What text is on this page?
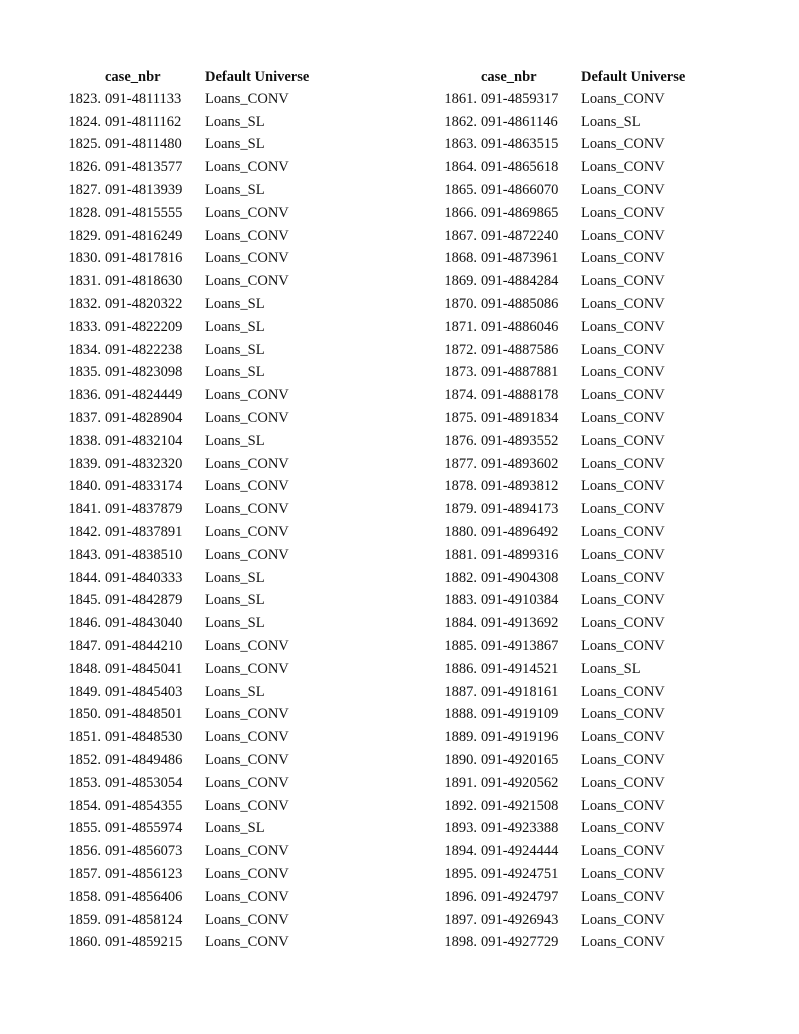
	case_nbr	Default Universe
1823.	091-4811133	Loans_CONV
1824.	091-4811162	Loans_SL
1825.	091-4811480	Loans_SL
1826.	091-4813577	Loans_CONV
1827.	091-4813939	Loans_SL
1828.	091-4815555	Loans_CONV
1829.	091-4816249	Loans_CONV
1830.	091-4817816	Loans_CONV
1831.	091-4818630	Loans_CONV
1832.	091-4820322	Loans_SL
1833.	091-4822209	Loans_SL
1834.	091-4822238	Loans_SL
1835.	091-4823098	Loans_SL
1836.	091-4824449	Loans_CONV
1837.	091-4828904	Loans_CONV
1838.	091-4832104	Loans_SL
1839.	091-4832320	Loans_CONV
1840.	091-4833174	Loans_CONV
1841.	091-4837879	Loans_CONV
1842.	091-4837891	Loans_CONV
1843.	091-4838510	Loans_CONV
1844.	091-4840333	Loans_SL
1845.	091-4842879	Loans_SL
1846.	091-4843040	Loans_SL
1847.	091-4844210	Loans_CONV
1848.	091-4845041	Loans_CONV
1849.	091-4845403	Loans_SL
1850.	091-4848501	Loans_CONV
1851.	091-4848530	Loans_CONV
1852.	091-4849486	Loans_CONV
1853.	091-4853054	Loans_CONV
1854.	091-4854355	Loans_CONV
1855.	091-4855974	Loans_SL
1856.	091-4856073	Loans_CONV
1857.	091-4856123	Loans_CONV
1858.	091-4856406	Loans_CONV
1859.	091-4858124	Loans_CONV
1860.	091-4859215	Loans_CONV
	case_nbr	Default Universe
1861.	091-4859317	Loans_CONV
1862.	091-4861146	Loans_SL
1863.	091-4863515	Loans_CONV
1864.	091-4865618	Loans_CONV
1865.	091-4866070	Loans_CONV
1866.	091-4869865	Loans_CONV
1867.	091-4872240	Loans_CONV
1868.	091-4873961	Loans_CONV
1869.	091-4884284	Loans_CONV
1870.	091-4885086	Loans_CONV
1871.	091-4886046	Loans_CONV
1872.	091-4887586	Loans_CONV
1873.	091-4887881	Loans_CONV
1874.	091-4888178	Loans_CONV
1875.	091-4891834	Loans_CONV
1876.	091-4893552	Loans_CONV
1877.	091-4893602	Loans_CONV
1878.	091-4893812	Loans_CONV
1879.	091-4894173	Loans_CONV
1880.	091-4896492	Loans_CONV
1881.	091-4899316	Loans_CONV
1882.	091-4904308	Loans_CONV
1883.	091-4910384	Loans_CONV
1884.	091-4913692	Loans_CONV
1885.	091-4913867	Loans_CONV
1886.	091-4914521	Loans_SL
1887.	091-4918161	Loans_CONV
1888.	091-4919109	Loans_CONV
1889.	091-4919196	Loans_CONV
1890.	091-4920165	Loans_CONV
1891.	091-4920562	Loans_CONV
1892.	091-4921508	Loans_CONV
1893.	091-4923388	Loans_CONV
1894.	091-4924444	Loans_CONV
1895.	091-4924751	Loans_CONV
1896.	091-4924797	Loans_CONV
1897.	091-4926943	Loans_CONV
1898.	091-4927729	Loans_CONV
